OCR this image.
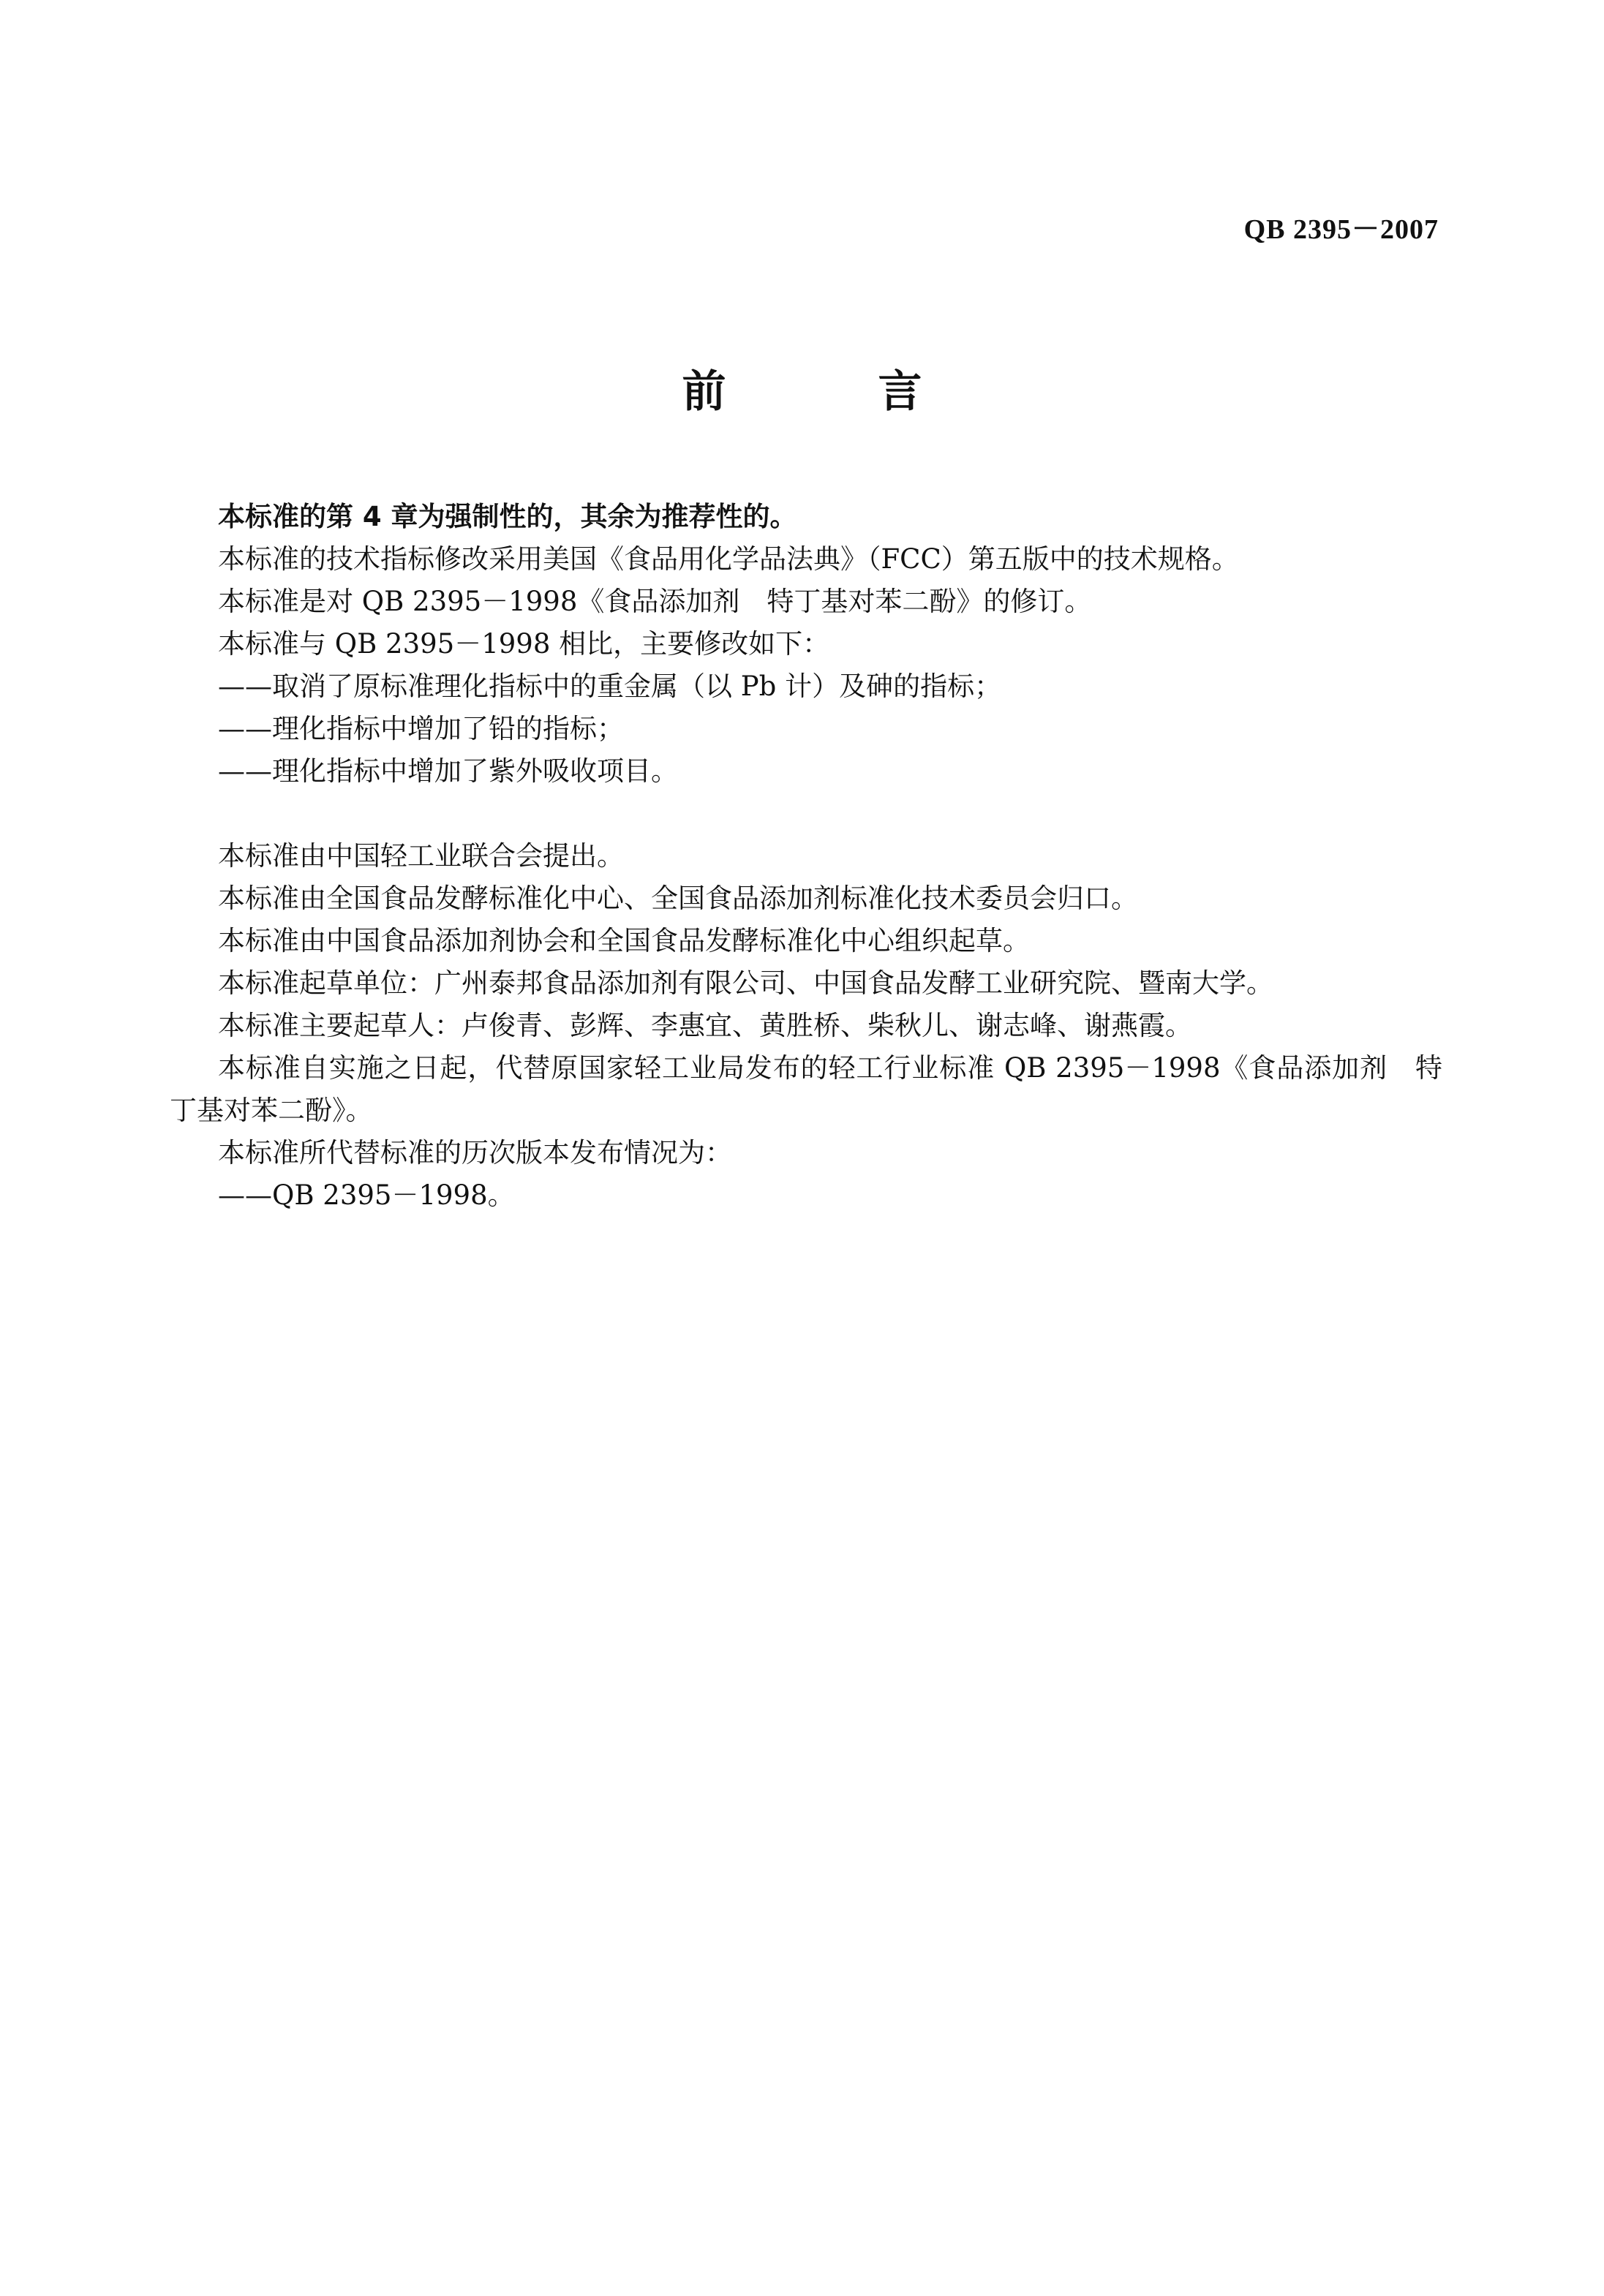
QB 2395－2007
前　言

本标准的第 4 章为强制性的，其余为推荐性的。

本标准的技术指标修改采用美国《食品用化学品法典》（FCC）第五版中的技术规格。

本标准是对 QB 2395－1998《食品添加剂　特丁基对苯二酚》的修订。

本标准与 QB 2395－1998 相比，主要修改如下：

——取消了原标准理化指标中的重金属（以 Pb 计）及砷的指标；

——理化指标中增加了铅的指标；

——理化指标中增加了紫外吸收项目。

本标准由中国轻工业联合会提出。

本标准由全国食品发酵标准化中心、全国食品添加剂标准化技术委员会归口。

本标准由中国食品添加剂协会和全国食品发酵标准化中心组织起草。

本标准起草单位：广州泰邦食品添加剂有限公司、中国食品发酵工业研究院、暨南大学。

本标准主要起草人：卢俊青、彭辉、李惠宜、黄胜桥、柴秋儿、谢志峰、谢燕霞。

本标准自实施之日起，代替原国家轻工业局发布的轻工行业标准 QB 2395－1998《食品添加剂　特丁基对苯二酚》。

本标准所代替标准的历次版本发布情况为：

——QB 2395－1998。
